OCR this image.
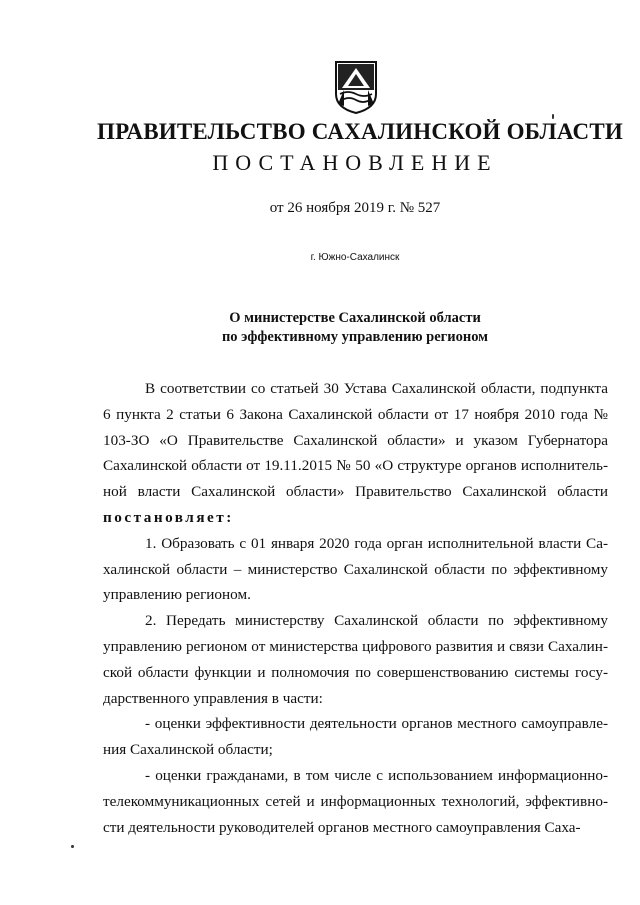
ПРАВИТЕЛЬСТВО САХАЛИНСКОЙ ОБЛАСТИ
ПОСТАНОВЛЕНИЕ
от 26 ноября 2019 г. № 527
г. Южно-Сахалинск
О министерстве Сахалинской области
по эффективному управлению регионом

В соответствии со статьей 30 Устава Сахалинской области, подпункта 6 пункта 2 статьи 6 Закона Сахалинской области от 17 ноября 2010 года № 103-ЗО «О Правительстве Сахалинской области» и указом Губернатора Сахалинской области от 19.11.2015 № 50 «О структуре органов исполнительной власти Сахалинской области» Правительство Сахалинской области постановляет:

1. Образовать с 01 января 2020 года орган исполнительной власти Сахалинской области – министерство Сахалинской области по эффективному управлению регионом.

2. Передать министерству Сахалинской области по эффективному управлению регионом от министерства цифрового развития и связи Сахалинской области функции и полномочия по совершенствованию системы государственного управления в части:

- оценки эффективности деятельности органов местного самоуправления Сахалинской области;

- оценки гражданами, в том числе с использованием информационно-телекоммуникационных сетей и информационных технологий, эффективности деятельности руководителей органов местного самоуправления Саха-
